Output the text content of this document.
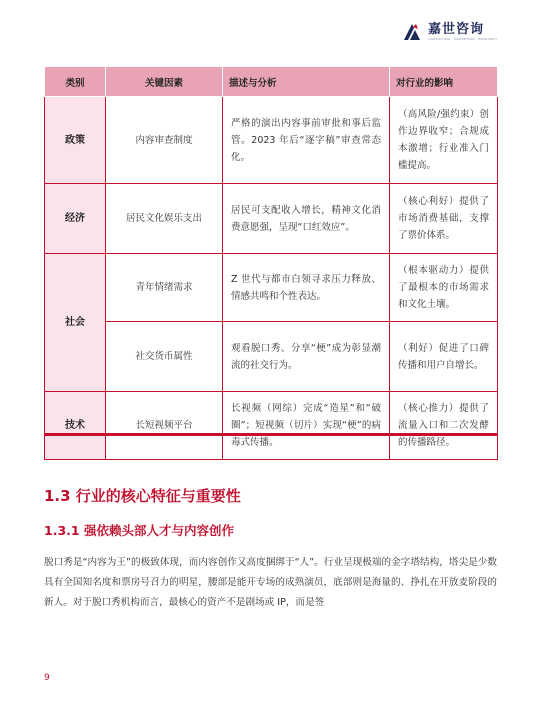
嘉世咨询
CONSULTING · MARKETING · RESEARCH
类别	关键因素	描述与分析	对行业的影响
政策	内容审查制度	严格的演出内容事前审批和事后监管。2023 年后“逐字稿”审查常态化。	（高风险/强约束）创作边界收窄；合规成本激增；行业准入门槛提高。
经济	居民文化娱乐支出	居民可支配收入增长，精神文化消费意愿强，呈现“口红效应”。	（核心利好）提供了市场消费基础，支撑了票价体系。
社会	青年情绪需求	Z 世代与都市白领寻求压力释放、情感共鸣和个性表达。	（根本驱动力）提供了最根本的市场需求和文化土壤。
	社交货币属性	观看脱口秀、分享“梗”成为彰显潮流的社交行为。	（利好）促进了口碑传播和用户自增长。
技术	长短视频平台	长视频（网综）完成“造星”和“破圈”；短视频（切片）实现“梗”的病毒式传播。	（核心推力）提供了流量入口和二次发酵的传播路径。
1.3 行业的核心特征与重要性
1.3.1 强依赖头部人才与内容创作
脱口秀是“内容为王”的极致体现，而内容创作又高度捆绑于“人”。行业呈现极端的金字塔结构，塔尖是少数具有全国知名度和票房号召力的明星，腰部是能开专场的成熟演员，底部则是海量的、挣扎在开放麦阶段的新人。对于脱口秀机构而言，最核心的资产不是剧场或 IP，而是签
9
